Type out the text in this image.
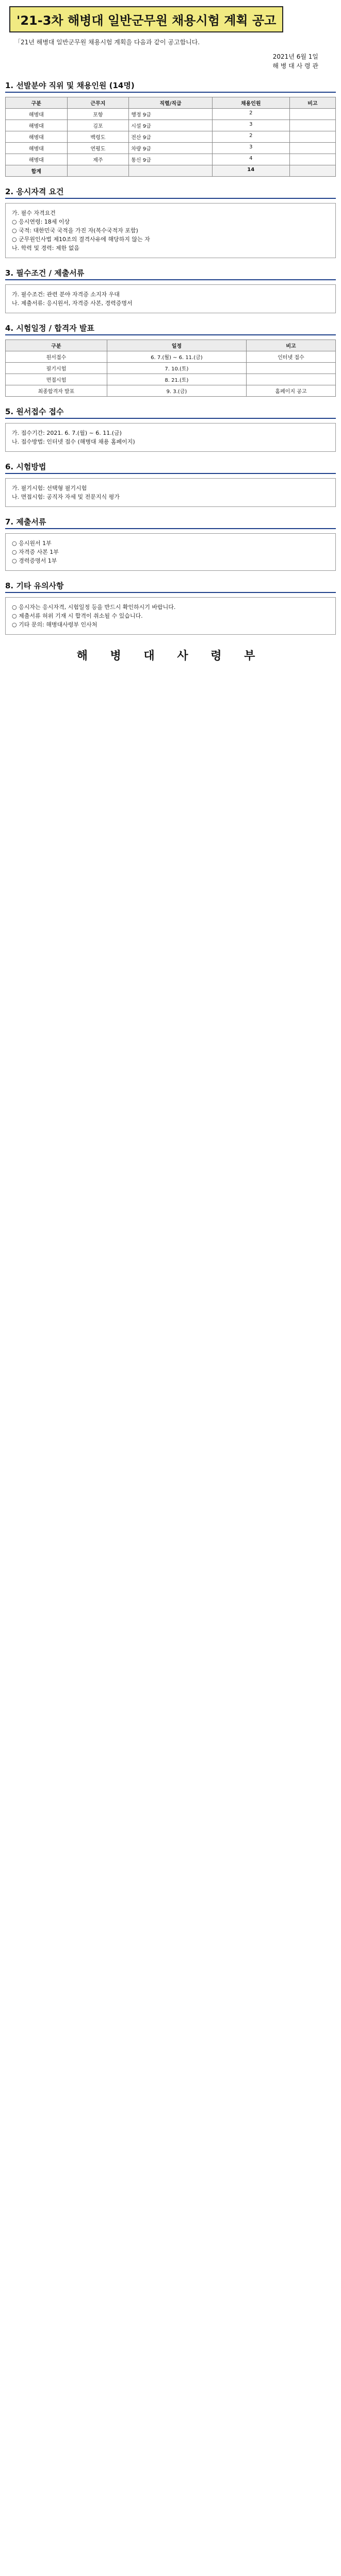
'21-3차 해병대 일반군무원 채용시험 계획 공고
「21년 해병대 일반군무원 채용시험 계획을 다음과 같이 공고합니다.
2021년 6월 1일
해 병 대 사 령 관
1. 선발분야 직위 및 채용인원 (14명)
구분	근무지	직렬/직급	채용인원	비고
해병대	포항	행정 9급	2	
해병대	김포	시설 9급	3	
해병대	백령도	전산 9급	2	
해병대	연평도	차량 9급	3	
해병대	제주	통신 9급	4	
합계			14	
2. 응시자격 요건
가. 필수 자격요건
○ 응시연령: 18세 이상
○ 국적: 대한민국 국적을 가진 자(복수국적자 포함)
○ 군무원인사법 제10조의 결격사유에 해당하지 않는 자
나. 학력 및 경력: 제한 없음
3. 필수조건 / 제출서류
가. 필수조건: 관련 분야 자격증 소지자 우대
나. 제출서류: 응시원서, 자격증 사본, 경력증명서
4. 시험일정 / 합격자 발표
구분	일정	비고
원서접수	6. 7.(월) ~ 6. 11.(금)	인터넷 접수
필기시험	7. 10.(토)	
면접시험	8. 21.(토)	
최종합격자 발표	9. 3.(금)	홈페이지 공고
5. 원서접수 접수
가. 접수기간: 2021. 6. 7.(월) ~ 6. 11.(금)
나. 접수방법: 인터넷 접수 (해병대 채용 홈페이지)
6. 시험방법
가. 필기시험: 선택형 필기시험
나. 면접시험: 공직자 자세 및 전문지식 평가
7. 제출서류
○ 응시원서 1부
○ 자격증 사본 1부
○ 경력증명서 1부
8. 기타 유의사항
○ 응시자는 응시자격, 시험일정 등을 반드시 확인하시기 바랍니다.
○ 제출서류 허위 기재 시 합격이 취소될 수 있습니다.
○ 기타 문의: 해병대사령부 인사처
해 병 대 사 령 부
